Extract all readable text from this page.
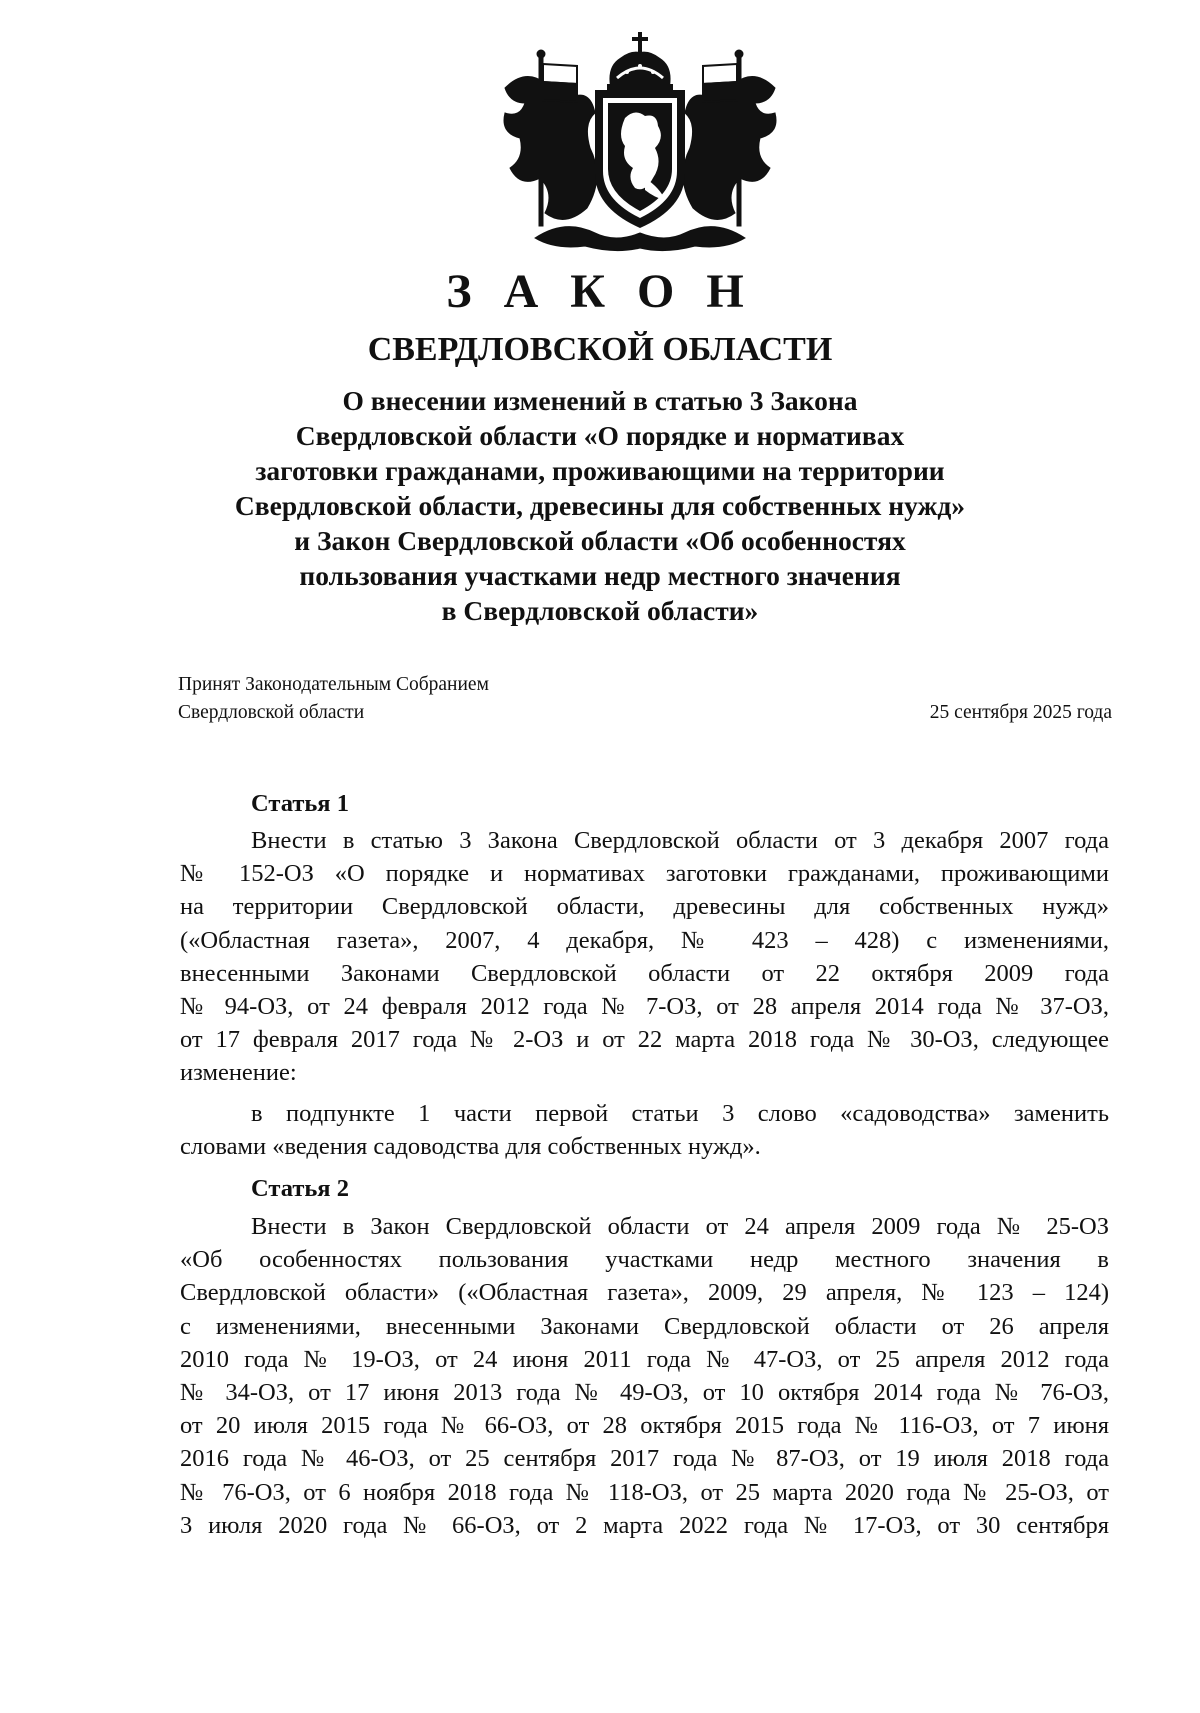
З А К О Н
СВЕРДЛОВСКОЙ ОБЛАСТИ
О внесении изменений в статью 3 Закона
Свердловской области «О порядке и нормативах
заготовки гражданами, проживающими на территории
Свердловской области, древесины для собственных нужд»
и Закон Свердловской области «Об особенностях
пользования участками недр местного значения
в Свердловской области»
Принят Законодательным Собранием
Свердловской области	25 сентября 2025 года
Статья 1
Внести в статью 3 Закона Свердловской области от 3 декабря 2007 года
№ 152-ОЗ «О порядке и нормативах заготовки гражданами, проживающими
на территории Свердловской области, древесины для собственных нужд»
(«Областная газета», 2007, 4 декабря, № 423 – 428) с изменениями,
внесенными Законами Свердловской области от 22 октября 2009 года
№ 94-ОЗ, от 24 февраля 2012 года № 7-ОЗ, от 28 апреля 2014 года № 37-ОЗ,
от 17 февраля 2017 года № 2-ОЗ и от 22 марта 2018 года № 30-ОЗ, следующее
изменение:
в подпункте 1 части первой статьи 3 слово «садоводства» заменить
словами «ведения садоводства для собственных нужд».
Статья 2
Внести в Закон Свердловской области от 24 апреля 2009 года № 25-ОЗ
«Об особенностях пользования участками недр местного значения в
Свердловской области» («Областная газета», 2009, 29 апреля, № 123 – 124)
с изменениями, внесенными Законами Свердловской области от 26 апреля
2010 года № 19-ОЗ, от 24 июня 2011 года № 47-ОЗ, от 25 апреля 2012 года
№ 34-ОЗ, от 17 июня 2013 года № 49-ОЗ, от 10 октября 2014 года № 76-ОЗ,
от 20 июля 2015 года № 66-ОЗ, от 28 октября 2015 года № 116-ОЗ, от 7 июня
2016 года № 46-ОЗ, от 25 сентября 2017 года № 87-ОЗ, от 19 июля 2018 года
№ 76-ОЗ, от 6 ноября 2018 года № 118-ОЗ, от 25 марта 2020 года № 25-ОЗ, от
3 июля 2020 года № 66-ОЗ, от 2 марта 2022 года № 17-ОЗ, от 30 сентября
